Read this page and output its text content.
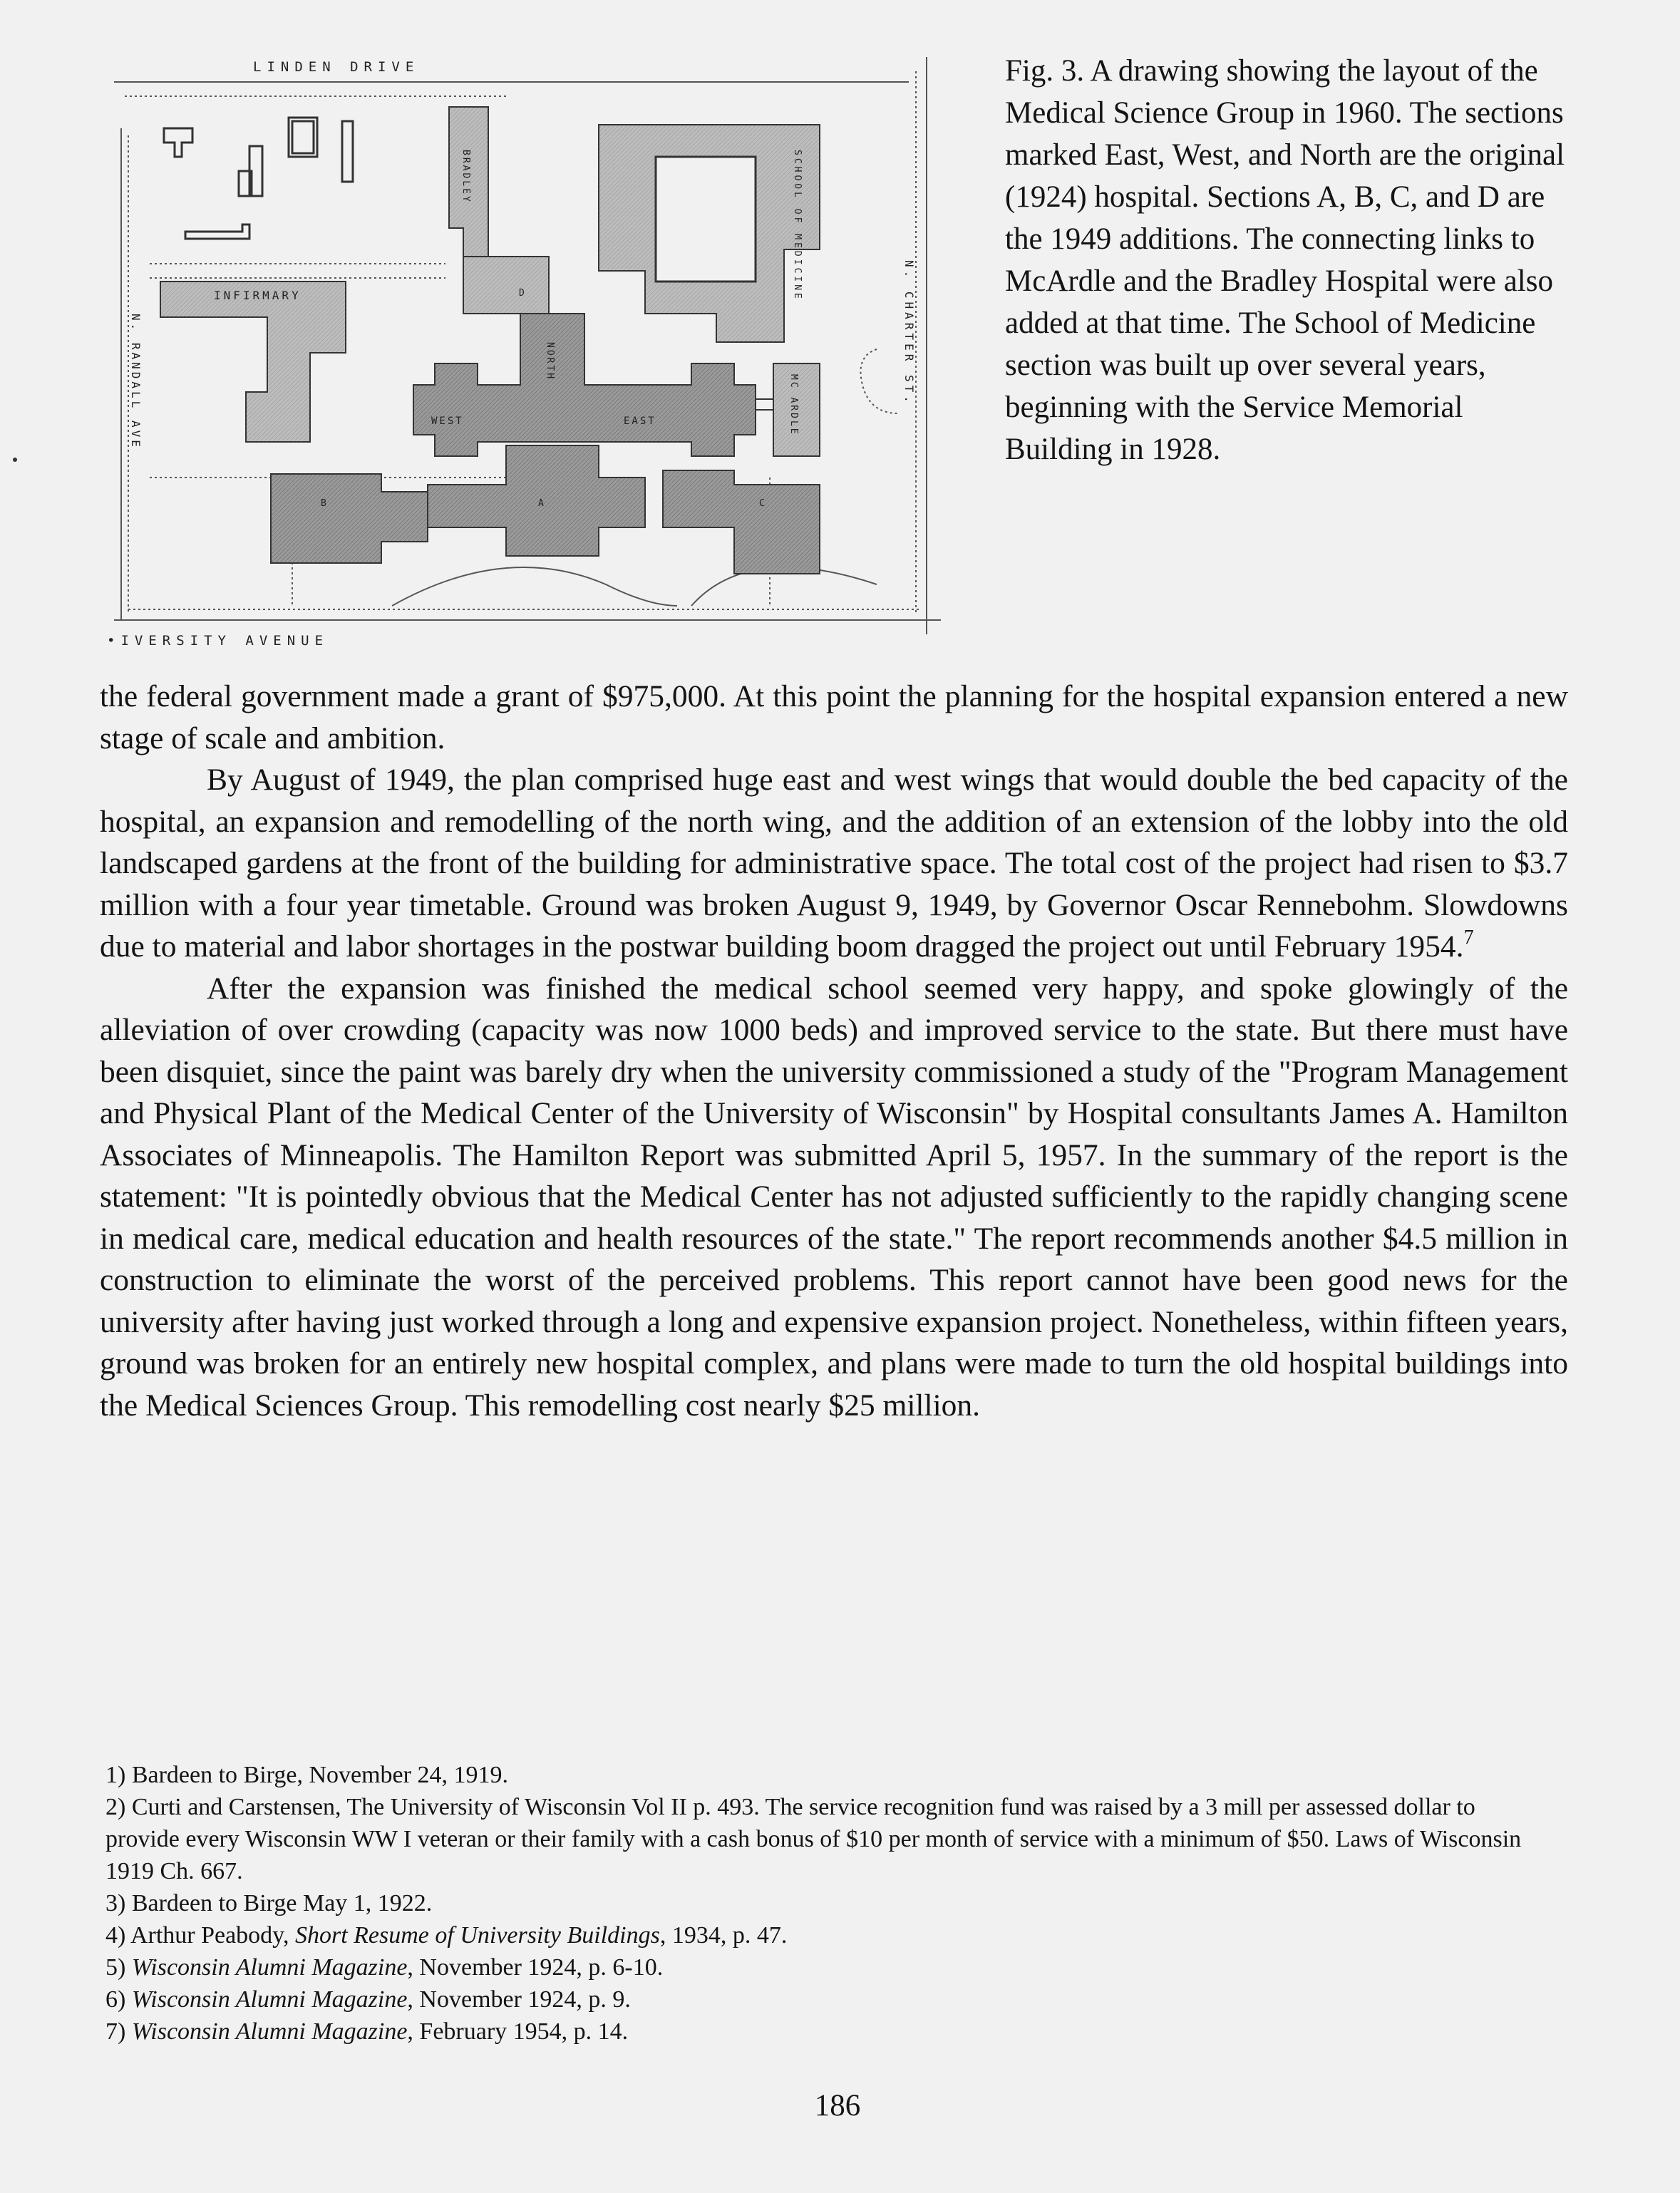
LINDEN DRIVE
•IVERSITY AVENUE
N. RANDALL AVE	N. CHARTER ST.
INFIRMARY
BRADLEY	SCHOOL OF MEDICINE
MC ARDLE
NORTH
WEST	EAST
D
A
B	C

Fig. 3. A drawing showing the layout of the Medical Science Group in 1960. The sections marked East, West, and North are the original (1924) hospital. Sections A, B, C, and D are the 1949 additions. The connecting links to McArdle and the Bradley Hospital were also added at that time. The School of Medicine section was built up over several years, beginning with the Service Memorial Building in 1928.

the federal government made a grant of $975,000. At this point the planning for the hospital expansion entered a new stage of scale and ambition.

By August of 1949, the plan comprised huge east and west wings that would double the bed capacity of the hospital, an expansion and remodelling of the north wing, and the addition of an extension of the lobby into the old landscaped gardens at the front of the building for administrative space. The total cost of the project had risen to $3.7 million with a four year timetable. Ground was broken August 9, 1949, by Governor Oscar Rennebohm. Slowdowns due to material and labor shortages in the postwar building boom dragged the project out until February 1954.$^7$

After the expansion was finished the medical school seemed very happy, and spoke glowingly of the alleviation of over crowding (capacity was now 1000 beds) and improved service to the state. But there must have been disquiet, since the paint was barely dry when the university commissioned a study of the "Program Management and Physical Plant of the Medical Center of the University of Wisconsin" by Hospital consultants James A. Hamilton Associates of Minneapolis. The Hamilton Report was submitted April 5, 1957. In the summary of the report is the statement: "It is pointedly obvious that the Medical Center has not adjusted sufficiently to the rapidly changing scene in medical care, medical education and health resources of the state." The report recommends another $4.5 million in construction to eliminate the worst of the perceived problems. This report cannot have been good news for the university after having just worked through a long and expensive expansion project. Nonetheless, within fifteen years, ground was broken for an entirely new hospital complex, and plans were made to turn the old hospital buildings into the Medical Sciences Group. This remodelling cost nearly $25 million.

1) Bardeen to Birge, November 24, 1919.
2) Curti and Carstensen, The University of Wisconsin Vol II p. 493. The service recognition fund was raised by a 3 mill per assessed dollar to provide every Wisconsin WW I veteran or their family with a cash bonus of $10 per month of service with a minimum of $50. Laws of Wisconsin 1919 Ch. 667.
3) Bardeen to Birge May 1, 1922.
4) Arthur Peabody, Short Resume of University Buildings, 1934, p. 47.
5) Wisconsin Alumni Magazine, November 1924, p. 6-10.
6) Wisconsin Alumni Magazine, November 1924, p. 9.
7) Wisconsin Alumni Magazine, February 1954, p. 14.
186
